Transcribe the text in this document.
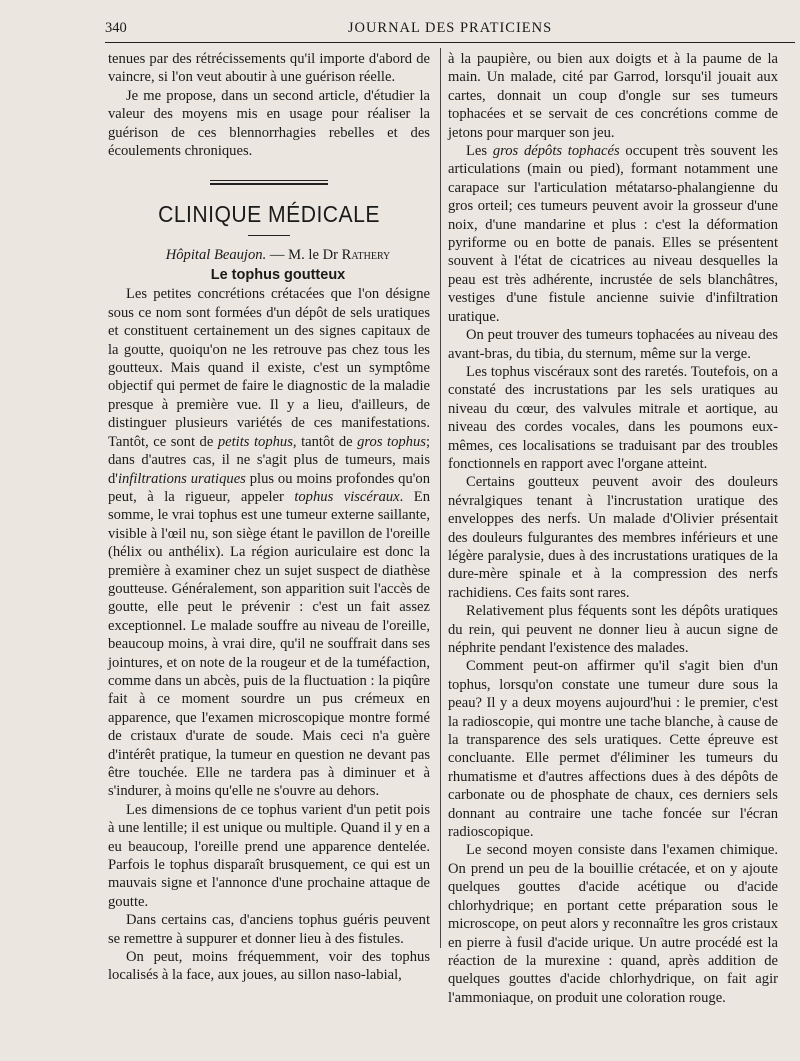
340	JOURNAL DES PRATICIENS

tenues par des rétrécissements qu'il importe d'abord de vaincre, si l'on veut aboutir à une guérison réelle.

Je me propose, dans un second article, d'étudier la valeur des moyens mis en usage pour réaliser la guérison de ces blennorrhagies rebelles et des écoulements chroniques.

CLINIQUE MÉDICALE

Hôpital Beaujon. — M. le Dr Rathery

Le tophus goutteux

Les petites concrétions crétacées que l'on désigne sous ce nom sont formées d'un dépôt de sels uratiques et constituent certainement un des signes capitaux de la goutte, quoiqu'on ne les retrouve pas chez tous les goutteux. Mais quand il existe, c'est un symptôme objectif qui permet de faire le diagnostic de la maladie presque à première vue. Il y a lieu, d'ailleurs, de distinguer plusieurs variétés de ces manifestations. Tantôt, ce sont de petits tophus, tantôt de gros tophus; dans d'autres cas, il ne s'agit plus de tumeurs, mais d'infiltrations uratiques plus ou moins profondes qu'on peut, à la rigueur, appeler tophus viscéraux. En somme, le vrai tophus est une tumeur externe saillante, visible à l'œil nu, son siège étant le pavillon de l'oreille (hélix ou anthélix). La région auriculaire est donc la première à examiner chez un sujet suspect de diathèse goutteuse. Généralement, son apparition suit l'accès de goutte, elle peut le prévenir : c'est un fait assez exceptionnel. Le malade souffre au niveau de l'oreille, beaucoup moins, à vrai dire, qu'il ne souffrait dans ses jointures, et on note de la rougeur et de la tuméfaction, comme dans un abcès, puis de la fluctuation : la piqûre fait à ce moment sourdre un pus crémeux en apparence, que l'examen microscopique montre formé de cristaux d'urate de soude. Mais ceci n'a guère d'intérêt pratique, la tumeur en question ne devant pas être touchée. Elle ne tardera pas à diminuer et à s'indurer, à moins qu'elle ne s'ouvre au dehors.

Les dimensions de ce tophus varient d'un petit pois à une lentille; il est unique ou multiple. Quand il y en a eu beaucoup, l'oreille prend une apparence dentelée. Parfois le tophus disparaît brusquement, ce qui est un mauvais signe et l'annonce d'une prochaine attaque de goutte.

Dans certains cas, d'anciens tophus guéris peuvent se remettre à suppurer et donner lieu à des fistules.

On peut, moins fréquemment, voir des tophus localisés à la face, aux joues, au sillon naso-labial,

à la paupière, ou bien aux doigts et à la paume de la main. Un malade, cité par Garrod, lorsqu'il jouait aux cartes, donnait un coup d'ongle sur ses tumeurs tophacées et se servait de ces concrétions comme de jetons pour marquer son jeu.

Les gros dépôts tophacés occupent très souvent les articulations (main ou pied), formant notamment une carapace sur l'articulation métatarso-phalangienne du gros orteil; ces tumeurs peuvent avoir la grosseur d'une noix, d'une mandarine et plus : c'est la déformation pyriforme ou en botte de panais. Elles se présentent souvent à l'état de cicatrices au niveau desquelles la peau est très adhérente, incrustée de sels blanchâtres, vestiges d'une fistule ancienne suivie d'infiltration uratique.

On peut trouver des tumeurs tophacées au niveau des avant-bras, du tibia, du sternum, même sur la verge.

Les tophus viscéraux sont des raretés. Toutefois, on a constaté des incrustations par les sels uratiques au niveau du cœur, des valvules mitrale et aortique, au niveau des cordes vocales, dans les poumons eux-mêmes, ces localisations se traduisant par des troubles fonctionnels en rapport avec l'organe atteint.

Certains goutteux peuvent avoir des douleurs névralgiques tenant à l'incrustation uratique des enveloppes des nerfs. Un malade d'Olivier présentait des douleurs fulgurantes des membres inférieurs et une légère paralysie, dues à des incrustations uratiques de la dure-mère spinale et à la compression des nerfs rachidiens. Ces faits sont rares.

Relativement plus féquents sont les dépôts uratiques du rein, qui peuvent ne donner lieu à aucun signe de néphrite pendant l'existence des malades.

Comment peut-on affirmer qu'il s'agit bien d'un tophus, lorsqu'on constate une tumeur dure sous la peau? Il y a deux moyens aujourd'hui : le premier, c'est la radioscopie, qui montre une tache blanche, à cause de la transparence des sels uratiques. Cette épreuve est concluante. Elle permet d'éliminer les tumeurs du rhumatisme et d'autres affections dues à des dépôts de carbonate ou de phosphate de chaux, ces derniers sels donnant au contraire une tache foncée sur l'écran radioscopique.

Le second moyen consiste dans l'examen chimique. On prend un peu de la bouillie crétacée, et on y ajoute quelques gouttes d'acide acétique ou d'acide chlorhydrique; en portant cette préparation sous le microscope, on peut alors y reconnaître les gros cristaux en pierre à fusil d'acide urique. Un autre procédé est la réaction de la murexine : quand, après addition de quelques gouttes d'acide chlorhydrique, on fait agir l'ammoniaque, on produit une coloration rouge.
